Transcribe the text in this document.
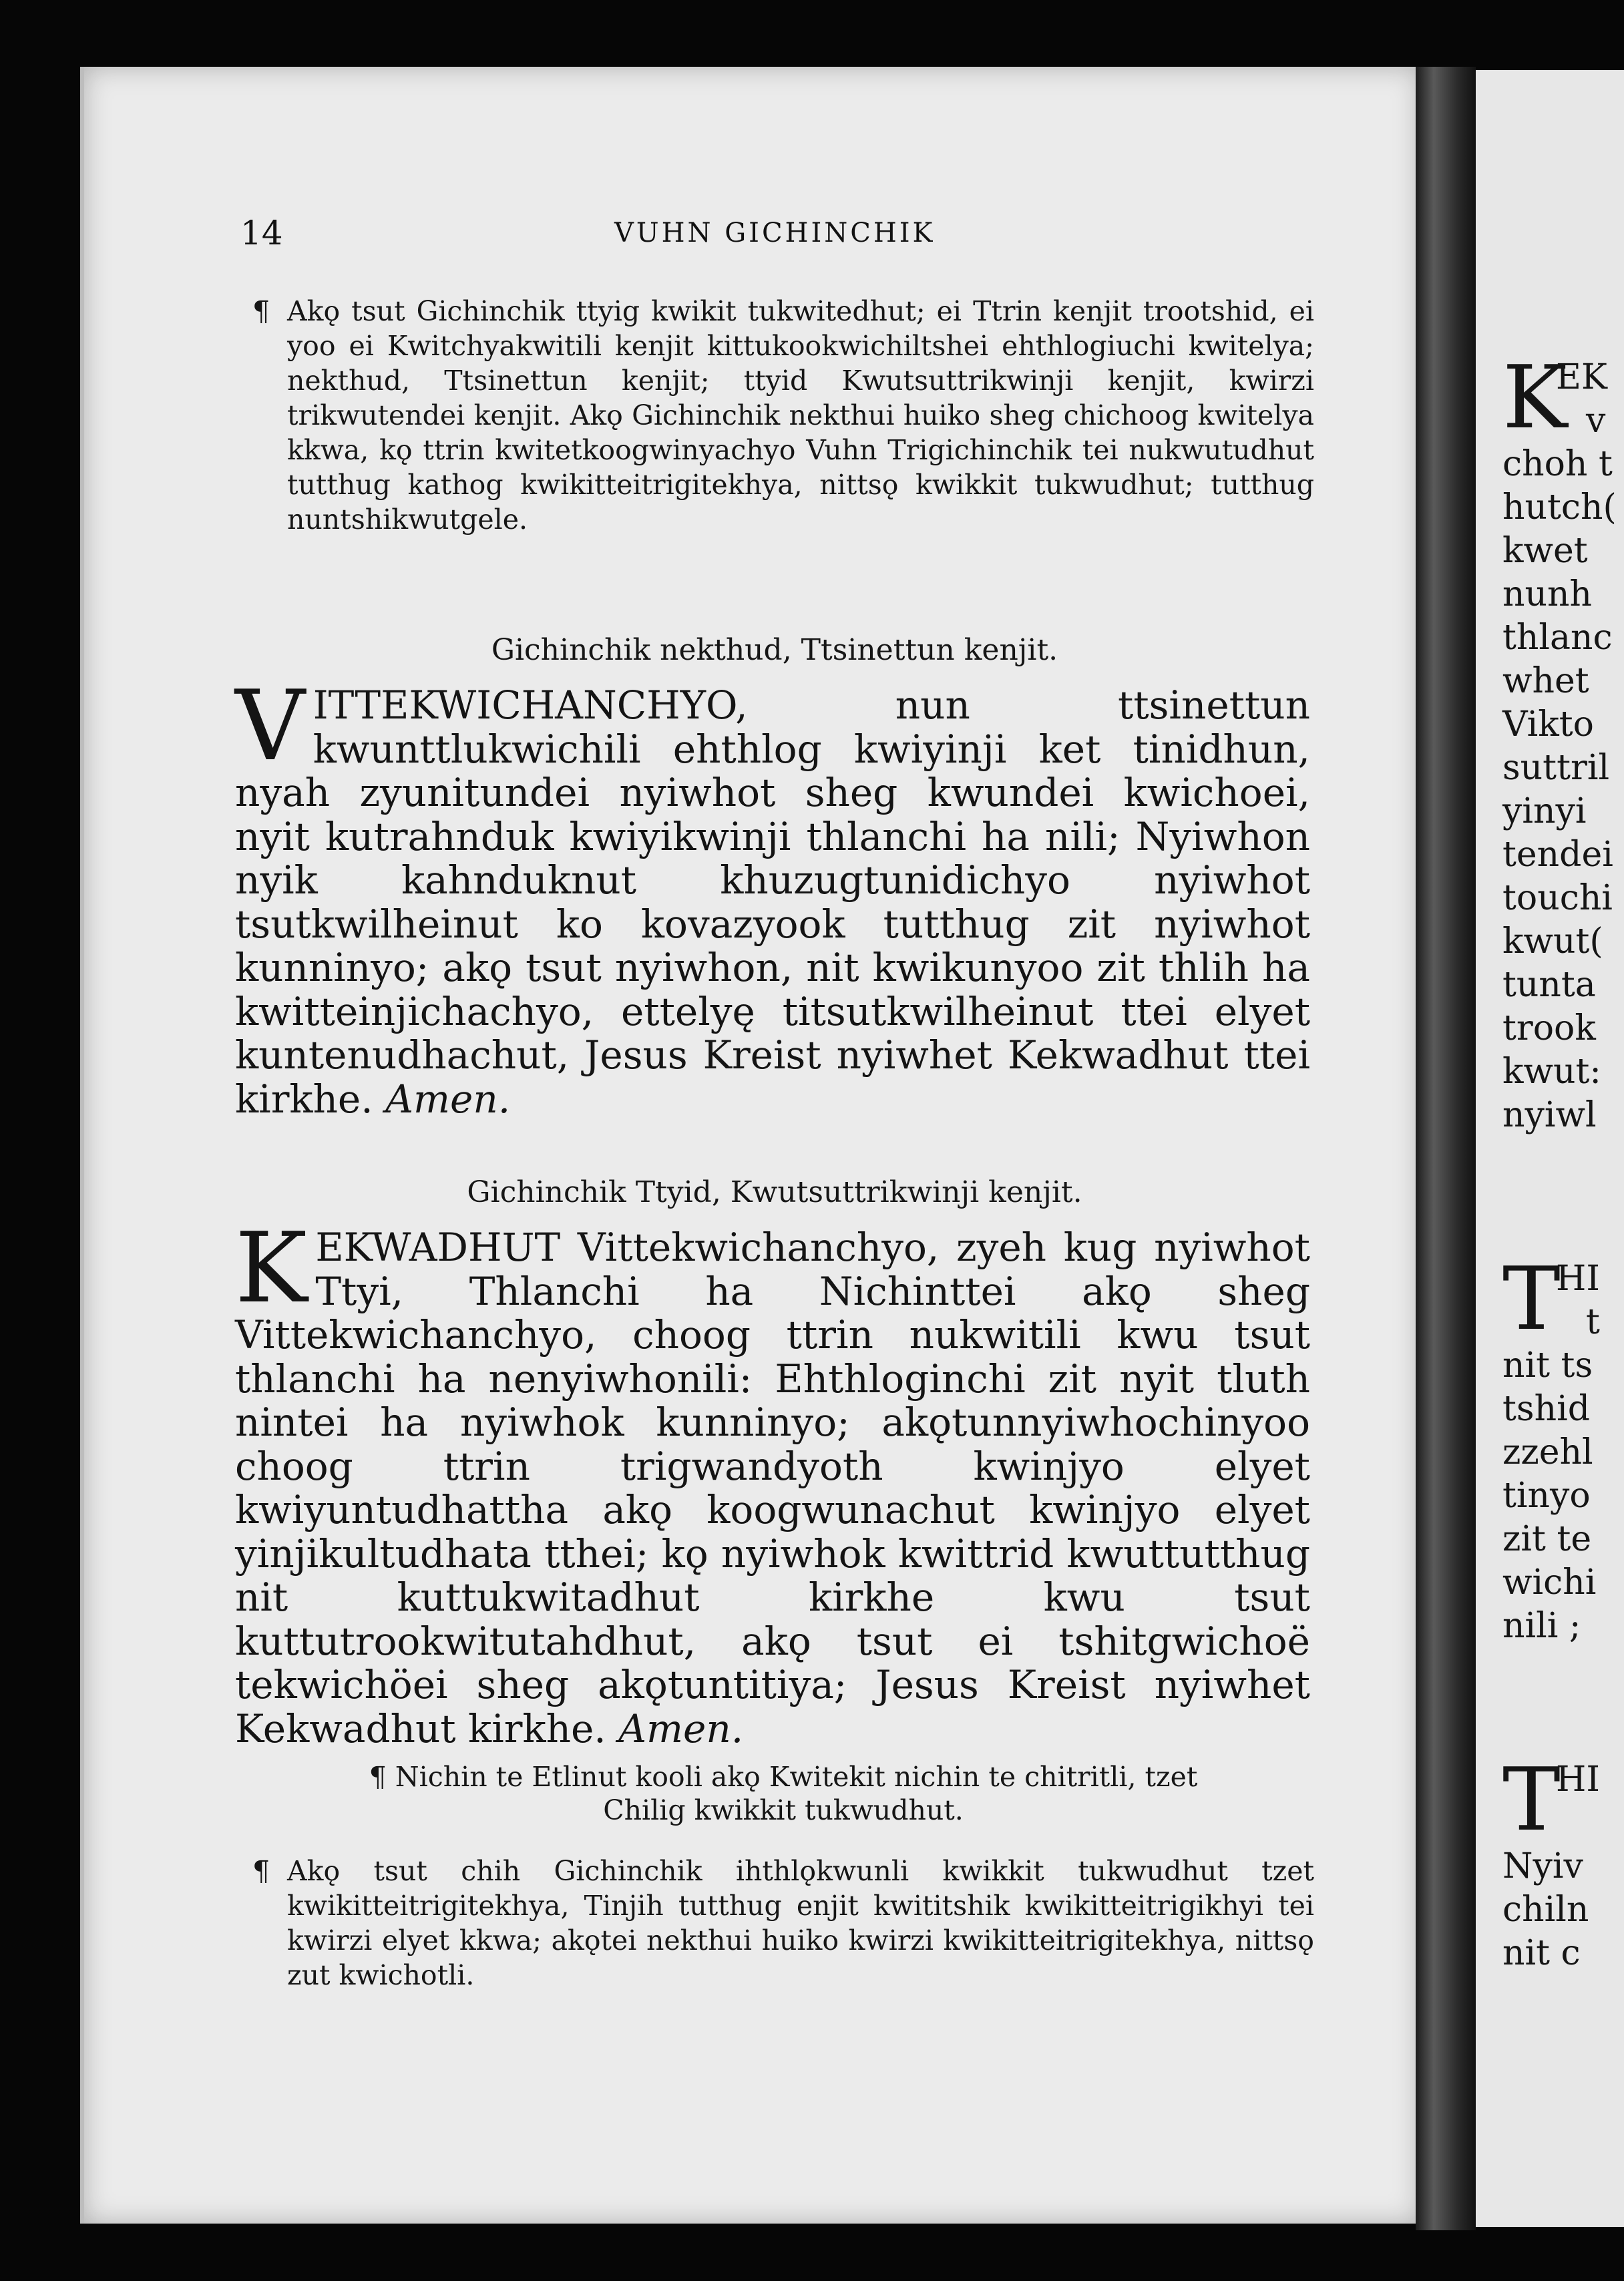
14	VUHN GICHINCHIK

¶ Akǫ tsut Gichinchik ttyig kwikit tukwitedhut; ei Ttrin kenjit trootshid, ei yoo ei Kwitchyakwitili kenjit kittukookwichiltshei ehthlogiuchi kwitelya; nekthud, Ttsinettun kenjit; ttyid Kwutsuttrikwinji kenjit, kwirzi trikwutendei kenjit. Akǫ Gichinchik nekthui huiko sheg chichoog kwitelya kkwa, kǫ ttrin kwitetkoogwinyachyo Vuhn Trigichinchik tei nukwutudhut tutthug kathog kwikitteitrigitekhya, nittsǫ kwikkit tukwudhut; tutthug nuntshikwutgele.

Gichinchik nekthud, Ttsinettun kenjit.

VITTEKWICHANCHYO, nun ttsinettun kwunttlukwichili ehthlog kwiyinji ket tinidhun, nyah zyunitundei nyiwhot sheg kwundei kwichoei, nyit kutrahnduk kwiyikwinji thlanchi ha nili; Nyiwhon nyik kahnduknut khuzugtunidichyo nyiwhot tsutkwilheinut ko kovazyook tutthug zit nyiwhot kunninyo; akǫ tsut nyiwhon, nit kwikunyoo zit thlih ha kwitteinjichachyo, ettelyę titsutkwilheinut ttei elyet kuntenudhachut, Jesus Kreist nyiwhet Kekwadhut ttei kirkhe. Amen.

Gichinchik Ttyid, Kwutsuttrikwinji kenjit.

KEKWADHUT Vittekwichanchyo, zyeh kug nyiwhot Ttyi, Thlanchi ha Nichinttei akǫ sheg Vittekwichanchyo, choog ttrin nukwitili kwu tsut thlanchi ha nenyiwhonili: Ehthloginchi zit nyit tluth nintei ha nyiwhok kunninyo; akǫtunnyiwhochinyoo choog ttrin trigwandyoth kwinjyo elyet kwiyuntudhattha akǫ koogwunachut kwinjyo elyet yinjikultudhata tthei; kǫ nyiwhok kwittrid kwuttutthug nit kuttukwitadhut kirkhe kwu tsut kuttutrookwitutahdhut, akǫ tsut ei tshitgwichoë tekwichöei sheg akǫtuntitiya; Jesus Kreist nyiwhet Kekwadhut kirkhe. Amen.

¶ Nichin te Etlinut kooli akǫ Kwitekit nichin te chitritli, tzet
Chilig kwikkit tukwudhut.

¶ Akǫ tsut chih Gichinchik ihthlǫkwunli kwikkit tukwudhut tzet kwikitteitrigitekhya, Tinjih tutthug enjit kwititshik kwikitteitrigikhyi tei kwirzi elyet kkwa; akǫtei nekthui huiko kwirzi kwikitteitrigitekhya, nittsǫ zut kwichotli.

K
EK
v
choh t
hutch(
kwet
nunh
thlanc
whet
Vikto
suttril
yinyi
tendei
touchi
kwut(
tunta
trook
kwut:
nyiwl
T
HI
t
nit ts
tshid
zzehl
tinyo
zit te
wichi
nili ;
T
HI
Nyiv
chiln
nit c
